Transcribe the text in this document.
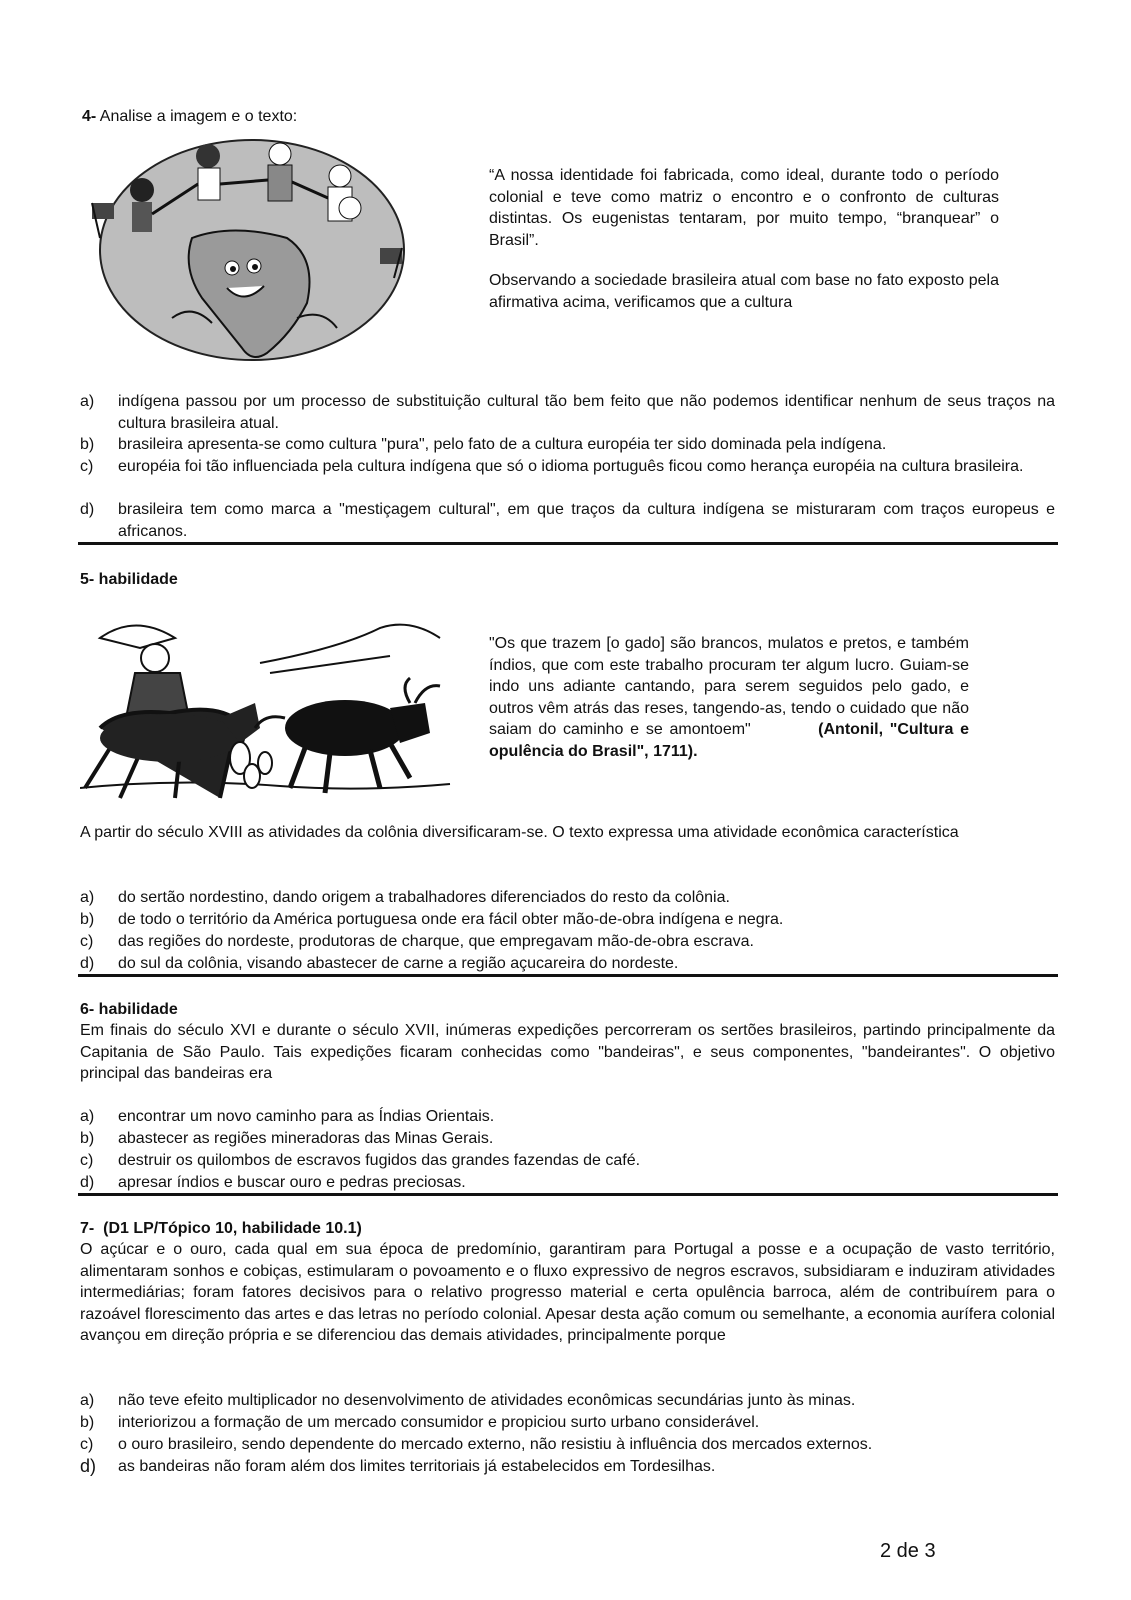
4- Analise a imagem e o texto:
“A nossa identidade foi fabricada, como ideal, durante todo o período colonial e teve como matriz o encontro e o confronto de culturas distintas. Os eugenistas tentaram, por muito tempo, “branquear” o Brasil”.
Observando a sociedade brasileira atual com base no fato exposto pela afirmativa acima, verificamos que a cultura
a)	indígena passou por um processo de substituição cultural tão bem feito que não podemos identificar nenhum de seus traços na cultura brasileira atual.
b)	brasileira apresenta-se como cultura "pura", pelo fato de a cultura européia ter sido dominada pela indígena.
c)	européia foi tão influenciada pela cultura indígena que só o idioma português ficou como herança européia na cultura brasileira.
d)	brasileira tem como marca a "mestiçagem cultural", em que traços da cultura indígena se misturaram com traços europeus e africanos.
5- habilidade
"Os que trazem [o gado] são brancos, mulatos e pretos, e também índios, que com este trabalho procuram ter algum lucro. Guiam-se indo uns adiante cantando, para serem seguidos pelo gado, e outros vêm atrás das reses, tangendo-as, tendo o cuidado que não saiam do caminho e se amontoem"	(Antonil, "Cultura e opulência do Brasil", 1711).
A partir do século XVIII as atividades da colônia diversificaram-se. O texto expressa uma atividade econômica característica
a)	do sertão nordestino, dando origem a trabalhadores diferenciados do resto da colônia.
b)	de todo o território da América portuguesa onde era fácil obter mão-de-obra indígena e negra.
c)	das regiões do nordeste, produtoras de charque, que empregavam mão-de-obra escrava.
d)	do sul da colônia, visando abastecer de carne a região açucareira do nordeste.
6- habilidade
Em finais do século XVI e durante o século XVII, inúmeras expedições percorreram os sertões brasileiros, partindo principalmente da Capitania de São Paulo. Tais expedições ficaram conhecidas como "bandeiras", e seus componentes, "bandeirantes". O objetivo principal das bandeiras era
a)	encontrar um novo caminho para as Índias Orientais.
b)	abastecer as regiões mineradoras das Minas Gerais.
c)	destruir os quilombos de escravos fugidos das grandes fazendas de café.
d)	apresar índios e buscar ouro e pedras preciosas.
7-  (D1 LP/Tópico 10, habilidade 10.1)
O açúcar e o ouro, cada qual em sua época de predomínio, garantiram para Portugal a posse e a ocupação de vasto território, alimentaram sonhos e cobiças, estimularam o povoamento e o fluxo expressivo de negros escravos, subsidiaram e induziram atividades intermediárias; foram fatores decisivos para o relativo progresso material e certa opulência barroca, além de contribuírem para o razoável florescimento das artes e das letras no período colonial. Apesar desta ação comum ou semelhante, a economia aurífera colonial avançou em direção própria e se diferenciou das demais atividades, principalmente porque
a)	não teve efeito multiplicador no desenvolvimento de atividades econômicas secundárias junto às minas.
b)	interiorizou a formação de um mercado consumidor e propiciou surto urbano considerável.
c)	o ouro brasileiro, sendo dependente do mercado externo, não resistiu à influência dos mercados externos.
d)	as bandeiras não foram além dos limites territoriais já estabelecidos em Tordesilhas.
2 de 3
